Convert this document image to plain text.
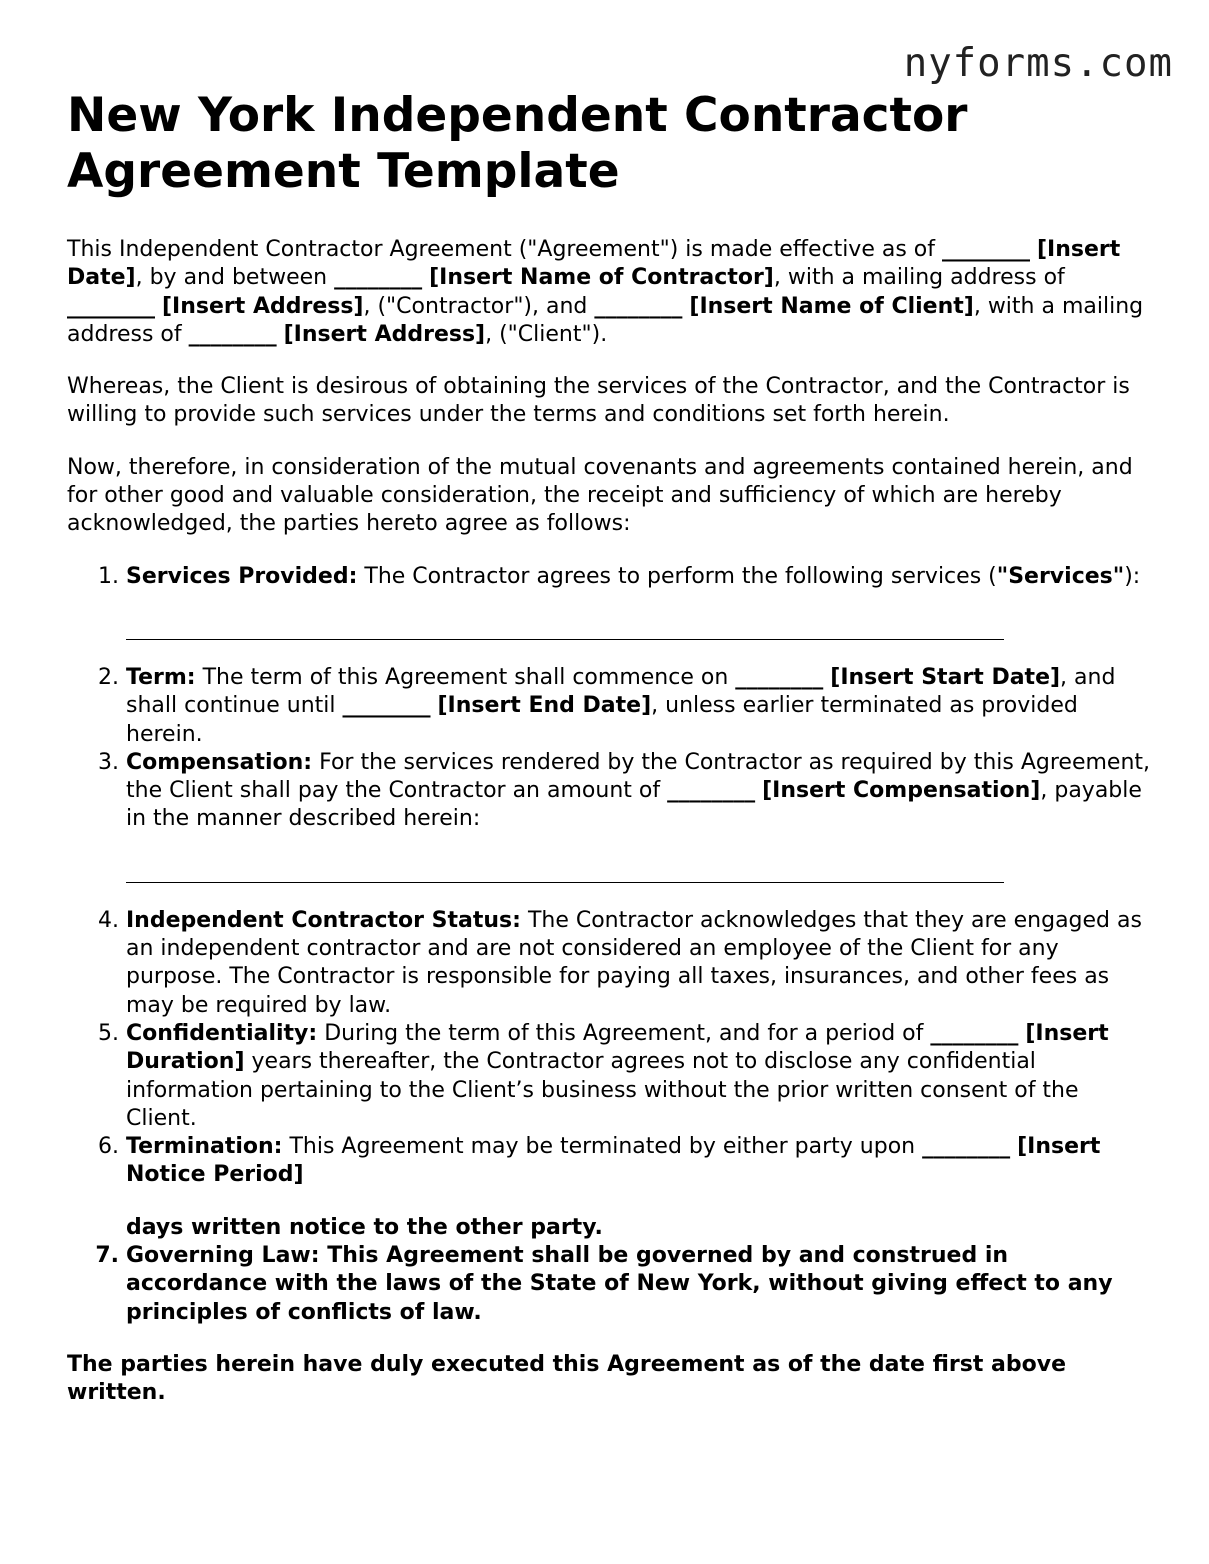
nyforms.com
New York Independent Contractor Agreement Template

This Independent Contractor Agreement ("Agreement") is made effective as of ________ [Insert Date], by and between ________ [Insert Name of Contractor], with a mailing address of ________ [Insert Address], ("Contractor"), and ________ [Insert Name of Client], with a mailing address of ________ [Insert Address], ("Client").

Whereas, the Client is desirous of obtaining the services of the Contractor, and the Contractor is willing to provide such services under the terms and conditions set forth herein.

Now, therefore, in consideration of the mutual covenants and agreements contained herein, and for other good and valuable consideration, the receipt and sufficiency of which are hereby acknowledged, the parties hereto agree as follows:

1. Services Provided: The Contractor agrees to perform the following services ("Services"):
2. Term: The term of this Agreement shall commence on ________ [Insert Start Date], and shall continue until ________ [Insert End Date], unless earlier terminated as provided herein.
3. Compensation: For the services rendered by the Contractor as required by this Agreement, the Client shall pay the Contractor an amount of ________ [Insert Compensation], payable in the manner described herein:
4. Independent Contractor Status: The Contractor acknowledges that they are engaged as an independent contractor and are not considered an employee of the Client for any purpose. The Contractor is responsible for paying all taxes, insurances, and other fees as may be required by law.
5. Confidentiality: During the term of this Agreement, and for a period of ________ [Insert Duration] years thereafter, the Contractor agrees not to disclose any confidential information pertaining to the Client’s business without the prior written consent of the Client.
6. Termination: This Agreement may be terminated by either party upon ________ [Insert Notice Period]
days written notice to the other party.
7. Governing Law: This Agreement shall be governed by and construed in accordance with the laws of the State of New York, without giving effect to any principles of conflicts of law.

The parties herein have duly executed this Agreement as of the date first above written.
